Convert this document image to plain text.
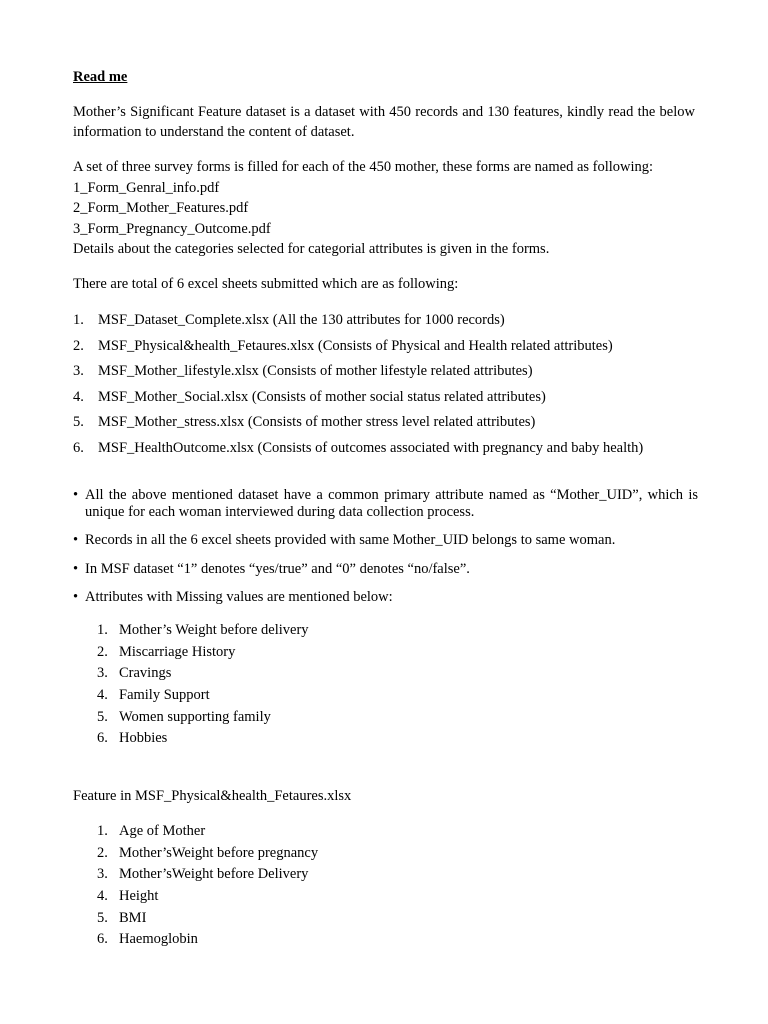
Read me
Mother’s Significant Feature dataset is a dataset with 450 records and 130 features, kindly read the below information to understand the content of dataset.
A set of three survey forms is filled for each of the 450 mother, these forms are named as following:
1_Form_Genral_info.pdf
2_Form_Mother_Features.pdf
3_Form_Pregnancy_Outcome.pdf
Details about the categories selected for categorial attributes is given in the forms.
There are total of 6 excel sheets submitted which are as following:
1. MSF_Dataset_Complete.xlsx (All the 130 attributes for 1000 records)
2. MSF_Physical&health_Fetaures.xlsx (Consists of Physical and Health related attributes)
3. MSF_Mother_lifestyle.xlsx (Consists of mother lifestyle related attributes)
4. MSF_Mother_Social.xlsx (Consists of mother social status related attributes)
5. MSF_Mother_stress.xlsx (Consists of mother stress level related attributes)
6. MSF_HealthOutcome.xlsx (Consists of outcomes associated with pregnancy and baby health)
• All the above mentioned dataset have a common primary attribute named as “Mother_UID”, which is unique for each woman interviewed during data collection process.
• Records in all the 6 excel sheets provided with same Mother_UID belongs to same woman.
• In MSF dataset “1” denotes “yes/true” and “0” denotes “no/false”.
• Attributes with Missing values are mentioned below:
1. Mother’s Weight before delivery
2. Miscarriage History
3. Cravings
4. Family Support
5. Women supporting family
6. Hobbies
Feature in MSF_Physical&health_Fetaures.xlsx
1. Age of Mother
2. Mother’sWeight before pregnancy
3. Mother’sWeight before Delivery
4. Height
5. BMI
6. Haemoglobin
